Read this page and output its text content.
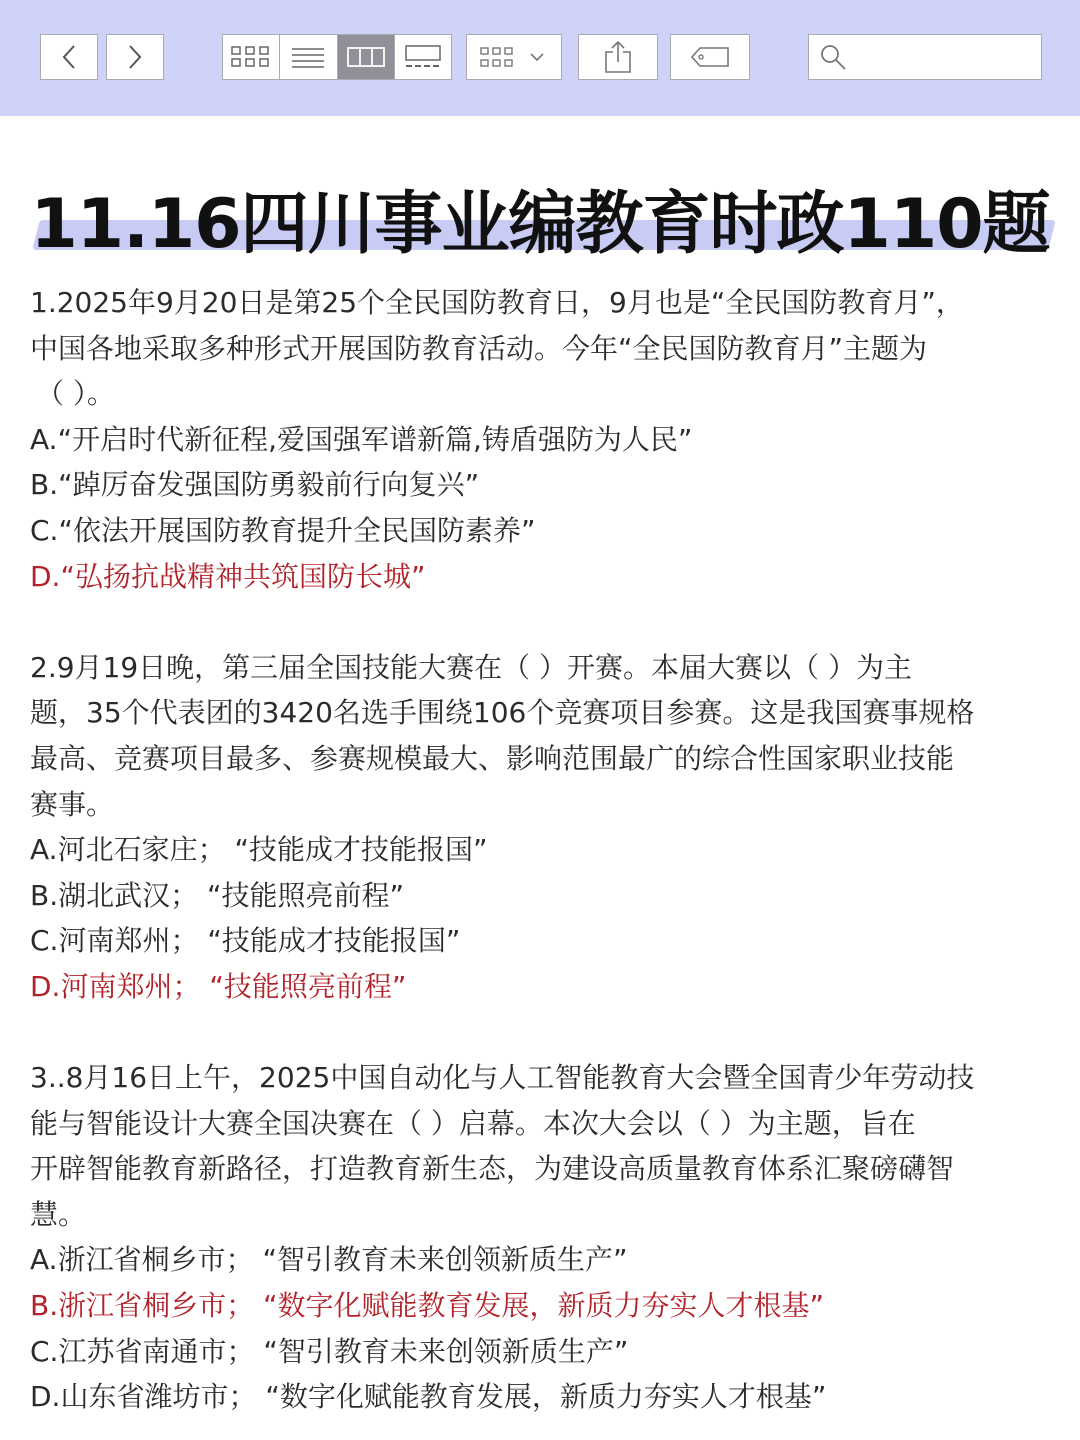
11.16四川事业编教育时政110题

1.2025年9月20日是第25个全民国防教育日，9月也是“全民国防教育月”，

中国各地采取多种形式开展国防教育活动。今年“全民国防教育月”主题为

（ ）。

A.“开启时代新征程,爱国强军谱新篇,铸盾强防为人民”

B.“踔厉奋发强国防勇毅前行向复兴”

C.“依法开展国防教育提升全民国防素养”

D.“弘扬抗战精神共筑国防长城”

2.9月19日晚，第三届全国技能大赛在（ ）开赛。本届大赛以（ ）为主

题，35个代表团的3420名选手围绕106个竞赛项目参赛。这是我国赛事规格

最高、竞赛项目最多、参赛规模最大、影响范围最广的综合性国家职业技能

赛事。

A.河北石家庄； “技能成才技能报国”

B.湖北武汉； “技能照亮前程”

C.河南郑州； “技能成才技能报国”

D.河南郑州； “技能照亮前程”

3..8月16日上午，2025中国自动化与人工智能教育大会暨全国青少年劳动技

能与智能设计大赛全国决赛在（ ）启幕。本次大会以（ ）为主题，旨在

开辟智能教育新路径，打造教育新生态，为建设高质量教育体系汇聚磅礴智

慧。

A.浙江省桐乡市； “智引教育未来创领新质生产”

B.浙江省桐乡市； “数字化赋能教育发展，新质力夯实人才根基”

C.江苏省南通市； “智引教育未来创领新质生产”

D.山东省潍坊市； “数字化赋能教育发展，新质力夯实人才根基”
